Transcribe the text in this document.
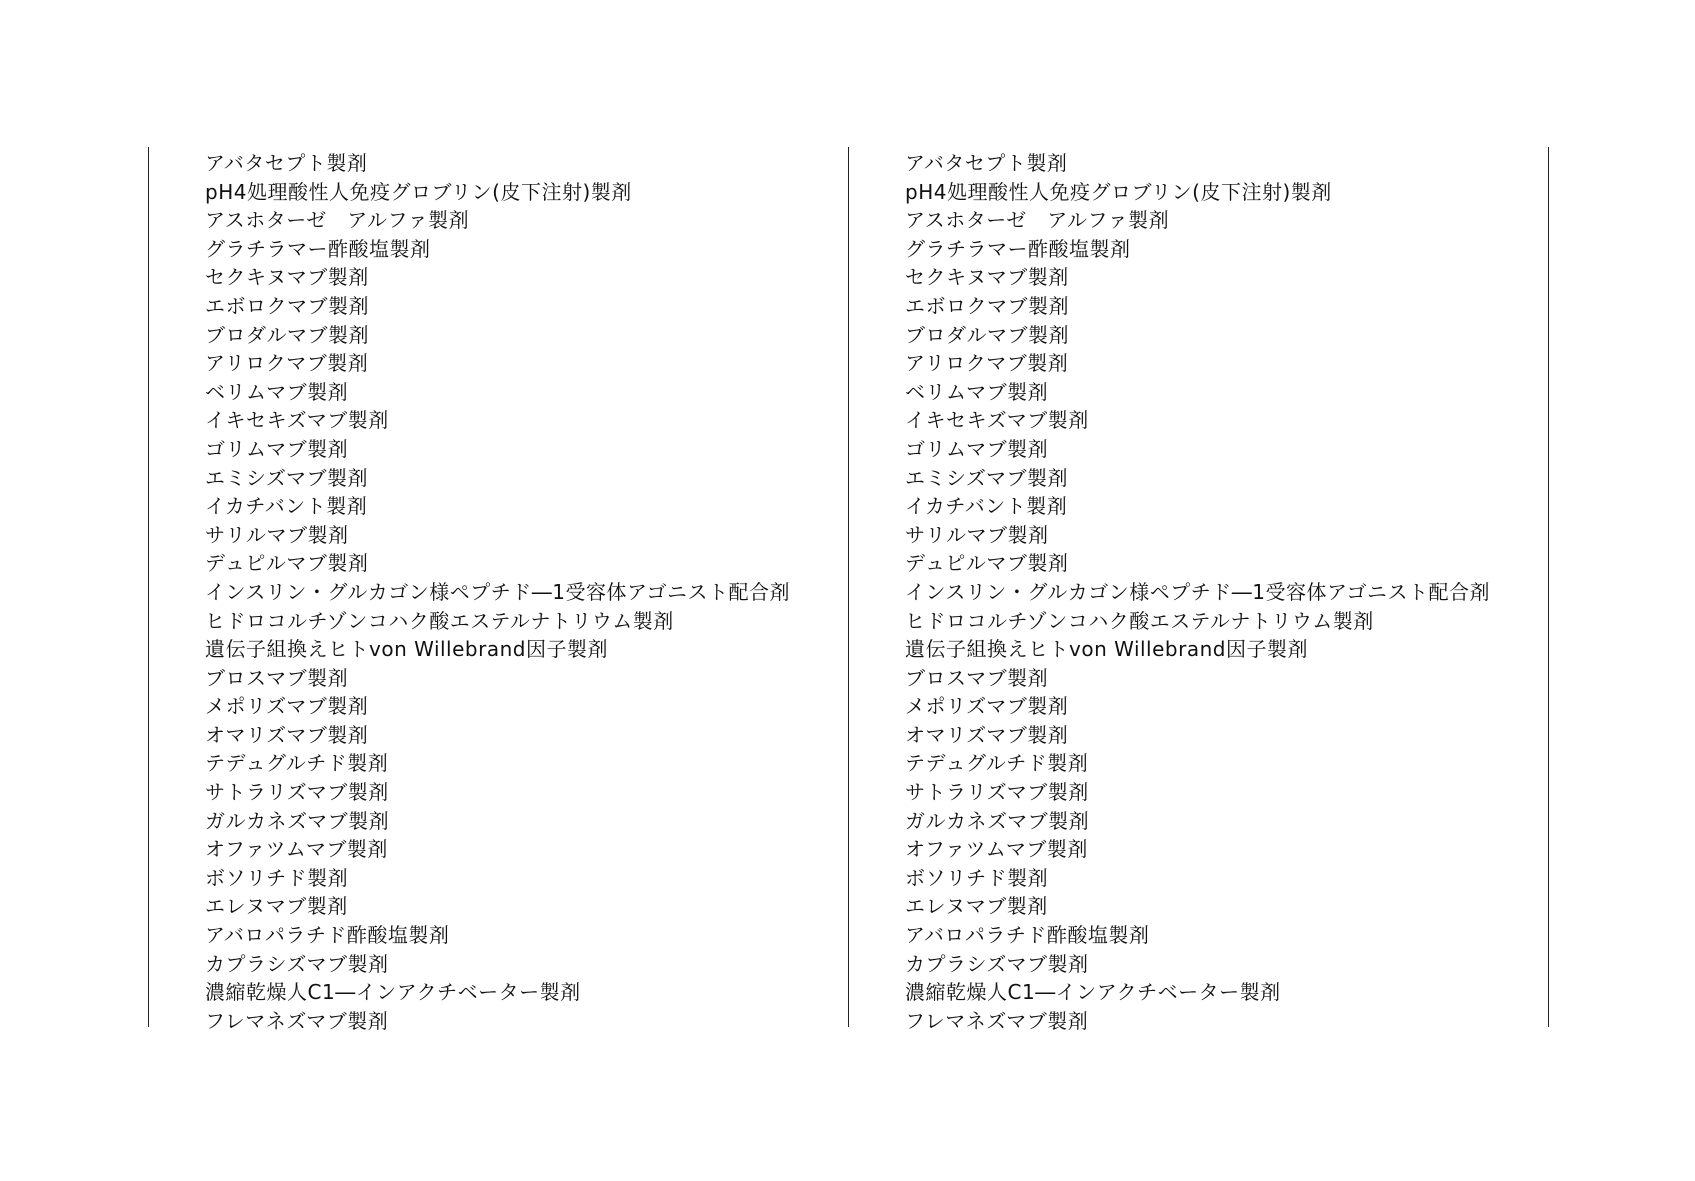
アバタセプト製剤
pH4処理酸性人免疫グロブリン(皮下注射)製剤
アスホターゼ　アルファ製剤
グラチラマー酢酸塩製剤
セクキヌマブ製剤
エボロクマブ製剤
ブロダルマブ製剤
アリロクマブ製剤
ベリムマブ製剤
イキセキズマブ製剤
ゴリムマブ製剤
エミシズマブ製剤
イカチバント製剤
サリルマブ製剤
デュピルマブ製剤
インスリン・グルカゴン様ペプチド―1受容体アゴニスト配合剤
ヒドロコルチゾンコハク酸エステルナトリウム製剤
遺伝子組換えヒトvon Willebrand因子製剤
ブロスマブ製剤
メポリズマブ製剤
オマリズマブ製剤
テデュグルチド製剤
サトラリズマブ製剤
ガルカネズマブ製剤
オファツムマブ製剤
ボソリチド製剤
エレヌマブ製剤
アバロパラチド酢酸塩製剤
カプラシズマブ製剤
濃縮乾燥人C1―インアクチベーター製剤
フレマネズマブ製剤
アバタセプト製剤
pH4処理酸性人免疫グロブリン(皮下注射)製剤
アスホターゼ　アルファ製剤
グラチラマー酢酸塩製剤
セクキヌマブ製剤
エボロクマブ製剤
ブロダルマブ製剤
アリロクマブ製剤
ベリムマブ製剤
イキセキズマブ製剤
ゴリムマブ製剤
エミシズマブ製剤
イカチバント製剤
サリルマブ製剤
デュピルマブ製剤
インスリン・グルカゴン様ペプチド―1受容体アゴニスト配合剤
ヒドロコルチゾンコハク酸エステルナトリウム製剤
遺伝子組換えヒトvon Willebrand因子製剤
ブロスマブ製剤
メポリズマブ製剤
オマリズマブ製剤
テデュグルチド製剤
サトラリズマブ製剤
ガルカネズマブ製剤
オファツムマブ製剤
ボソリチド製剤
エレヌマブ製剤
アバロパラチド酢酸塩製剤
カプラシズマブ製剤
濃縮乾燥人C1―インアクチベーター製剤
フレマネズマブ製剤
